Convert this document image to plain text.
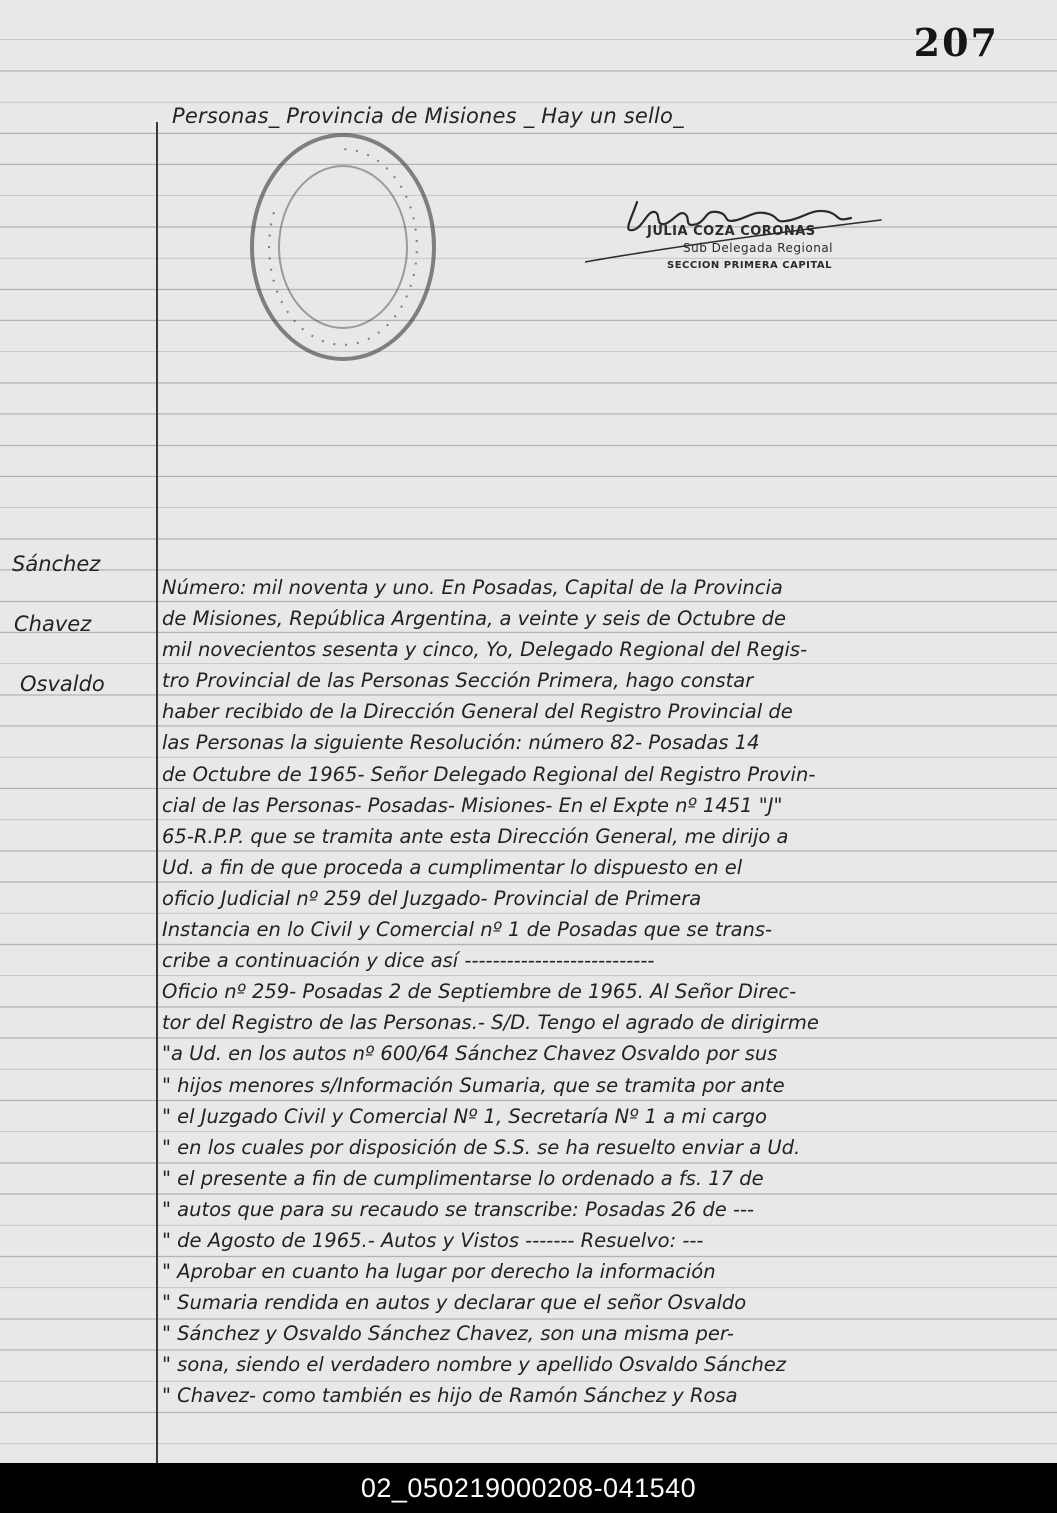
207
Personas_ Provincia de Misiones _ Hay un sello_
· · · · · · · · · · · · · · · · · · · · · · · · · · · · · · · · · · · · · · ·
JULIA COZA CORONAS
Sub Delegada Regional
SECCION PRIMERA CAPITAL
Sánchez
Chavez
Osvaldo
Número: mil noventa y uno. En Posadas, Capital de la Provincia
de Misiones, República Argentina, a veinte y seis de Octubre de
mil novecientos sesenta y cinco, Yo, Delegado Regional del Regis-
tro Provincial de las Personas Sección Primera, hago constar
haber recibido de la Dirección General del Registro Provincial de
las Personas la siguiente Resolución: número 82- Posadas 14
de Octubre de 1965- Señor Delegado Regional del Registro Provin-
cial de las Personas- Posadas- Misiones- En el Expte nº 1451 "J"
65-R.P.P. que se tramita ante esta Dirección General, me dirijo a
Ud. a fin de que proceda a cumplimentar lo dispuesto en el
oficio Judicial nº 259 del Juzgado- Provincial de Primera
Instancia en lo Civil y Comercial nº 1 de Posadas que se trans-
cribe a continuación y dice así ---------------------------
Oficio nº 259- Posadas 2 de Septiembre de 1965. Al Señor Direc-
tor del Registro de las Personas.- S/D. Tengo el agrado de dirigirme
"a Ud. en los autos nº 600/64 Sánchez Chavez Osvaldo por sus
" hijos menores s/Información Sumaria, que se tramita por ante
" el Juzgado Civil y Comercial Nº 1, Secretaría Nº 1 a mi cargo
" en los cuales por disposición de S.S. se ha resuelto enviar a Ud.
" el presente a fin de cumplimentarse lo ordenado a fs. 17 de
" autos que para su recaudo se transcribe: Posadas 26 de ---
" de Agosto de 1965.- Autos y Vistos ------- Resuelvo: ---
" Aprobar en cuanto ha lugar por derecho la información
" Sumaria rendida en autos y declarar que el señor Osvaldo
" Sánchez y Osvaldo Sánchez Chavez, son una misma per-
" sona, siendo el verdadero nombre y apellido Osvaldo Sánchez
" Chavez- como también es hijo de Ramón Sánchez y Rosa
02_050219000208-041540
